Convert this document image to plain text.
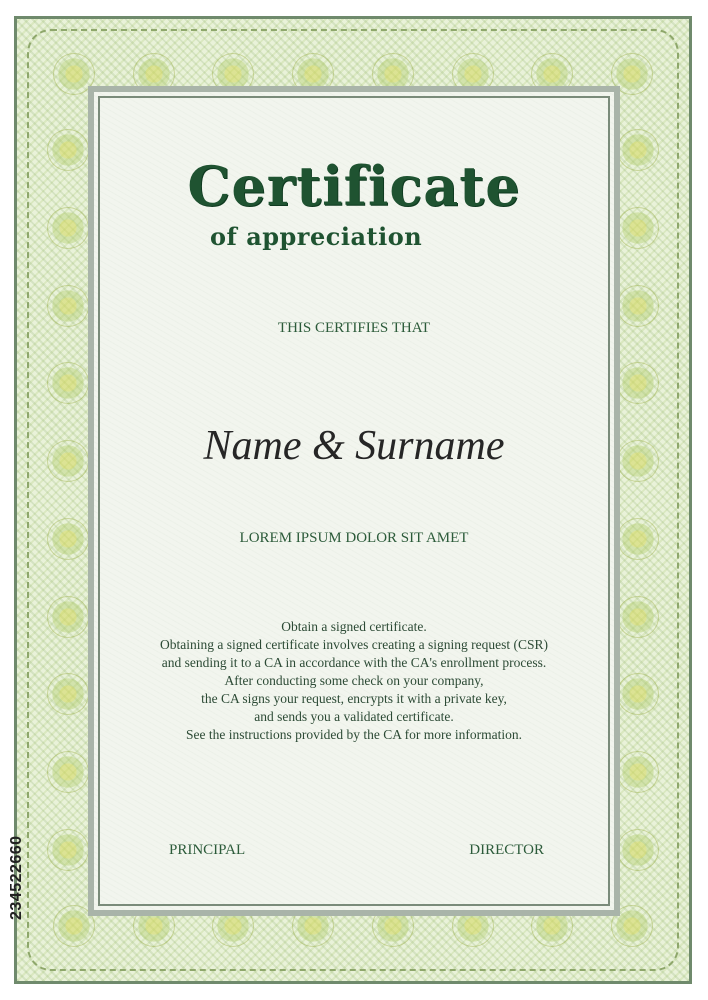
Certificate
of appreciation
THIS CERTIFIES THAT
Name & Surname
LOREM IPSUM DOLOR SIT AMET
Obtain a signed certificate.
Obtaining a signed certificate involves creating a signing request (CSR)
and sending it to a CA in accordance with the CA's enrollment process.
After conducting some check on your company,
the CA signs your request, encrypts it with a private key,
and sends you a validated certificate.
See the instructions provided by the CA for more information.
PRINCIPAL	DIRECTOR
234522660
